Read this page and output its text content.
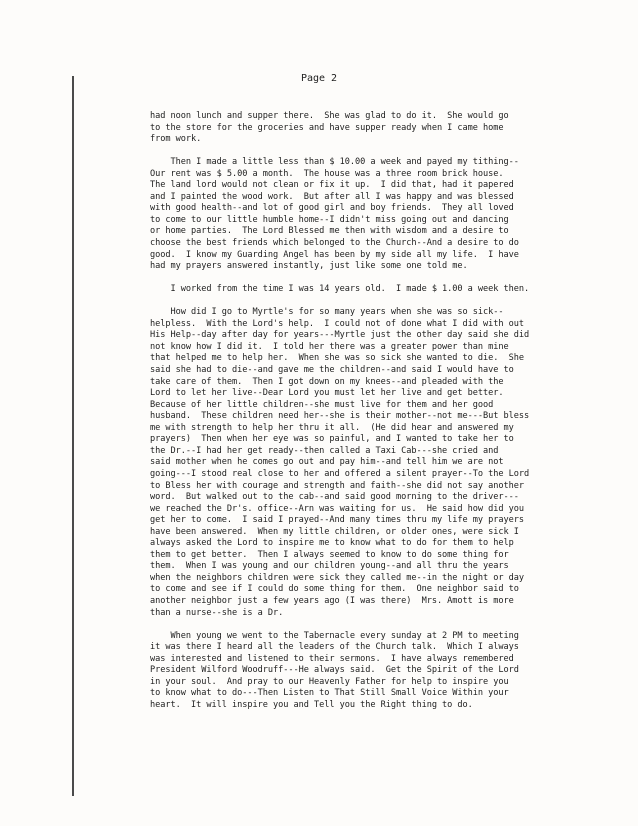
Page 2
had noon lunch and supper there.  She was glad to do it.  She would go
to the store for the groceries and have supper ready when I came home
from work.
Then I made a little less than $ 10.00 a week and payed my tithing--
Our rent was $ 5.00 a month.  The house was a three room brick house.
The land lord would not clean or fix it up.  I did that, had it papered
and I painted the wood work.  But after all I was happy and was blessed
with good health--and lot of good girl and boy friends.  They all loved
to come to our little humble home--I didn't miss going out and dancing
or home parties.  The Lord Blessed me then with wisdom and a desire to
choose the best friends which belonged to the Church--And a desire to do
good.  I know my Guarding Angel has been by my side all my life.  I have
had my prayers answered instantly, just like some one told me.
I worked from the time I was 14 years old.  I made $ 1.00 a week then.
How did I go to Myrtle's for so many years when she was so sick--
helpless.  With the Lord's help.  I could not of done what I did with out
His Help--day after day for years---Myrtle just the other day said she did
not know how I did it.  I told her there was a greater power than mine
that helped me to help her.  When she was so sick she wanted to die.  She
said she had to die--and gave me the children--and said I would have to
take care of them.  Then I got down on my knees--and pleaded with the
Lord to let her live--Dear Lord you must let her live and get better.
Because of her little children--she must live for them and her good
husband.  These children need her--she is their mother--not me---But bless
me with strength to help her thru it all.  (He did hear and answered my
prayers)  Then when her eye was so painful, and I wanted to take her to
the Dr.--I had her get ready--then called a Taxi Cab---she cried and
said mother when he comes go out and pay him--and tell him we are not
going---I stood real close to her and offered a silent prayer--To the Lord
to Bless her with courage and strength and faith--she did not say another
word.  But walked out to the cab--and said good morning to the driver---
we reached the Dr's. office--Arn was waiting for us.  He said how did you
get her to come.  I said I prayed--And many times thru my life my prayers
have been answered.  When my little children, or older ones, were sick I
always asked the Lord to inspire me to know what to do for them to help
them to get better.  Then I always seemed to know to do some thing for
them.  When I was young and our children young--and all thru the years
when the neighbors children were sick they called me--in the night or day
to come and see if I could do some thing for them.  One neighbor said to
another neighbor just a few years ago (I was there)  Mrs. Amott is more
than a nurse--she is a Dr.
When young we went to the Tabernacle every sunday at 2 PM to meeting
it was there I heard all the leaders of the Church talk.  Which I always
was interested and listened to their sermons.  I have always remembered
President Wilford Woodruff---He always said.  Get the Spirit of the Lord
in your soul.  And pray to our Heavenly Father for help to inspire you
to know what to do---Then Listen to That Still Small Voice Within your
heart.  It will inspire you and Tell you the Right thing to do.
